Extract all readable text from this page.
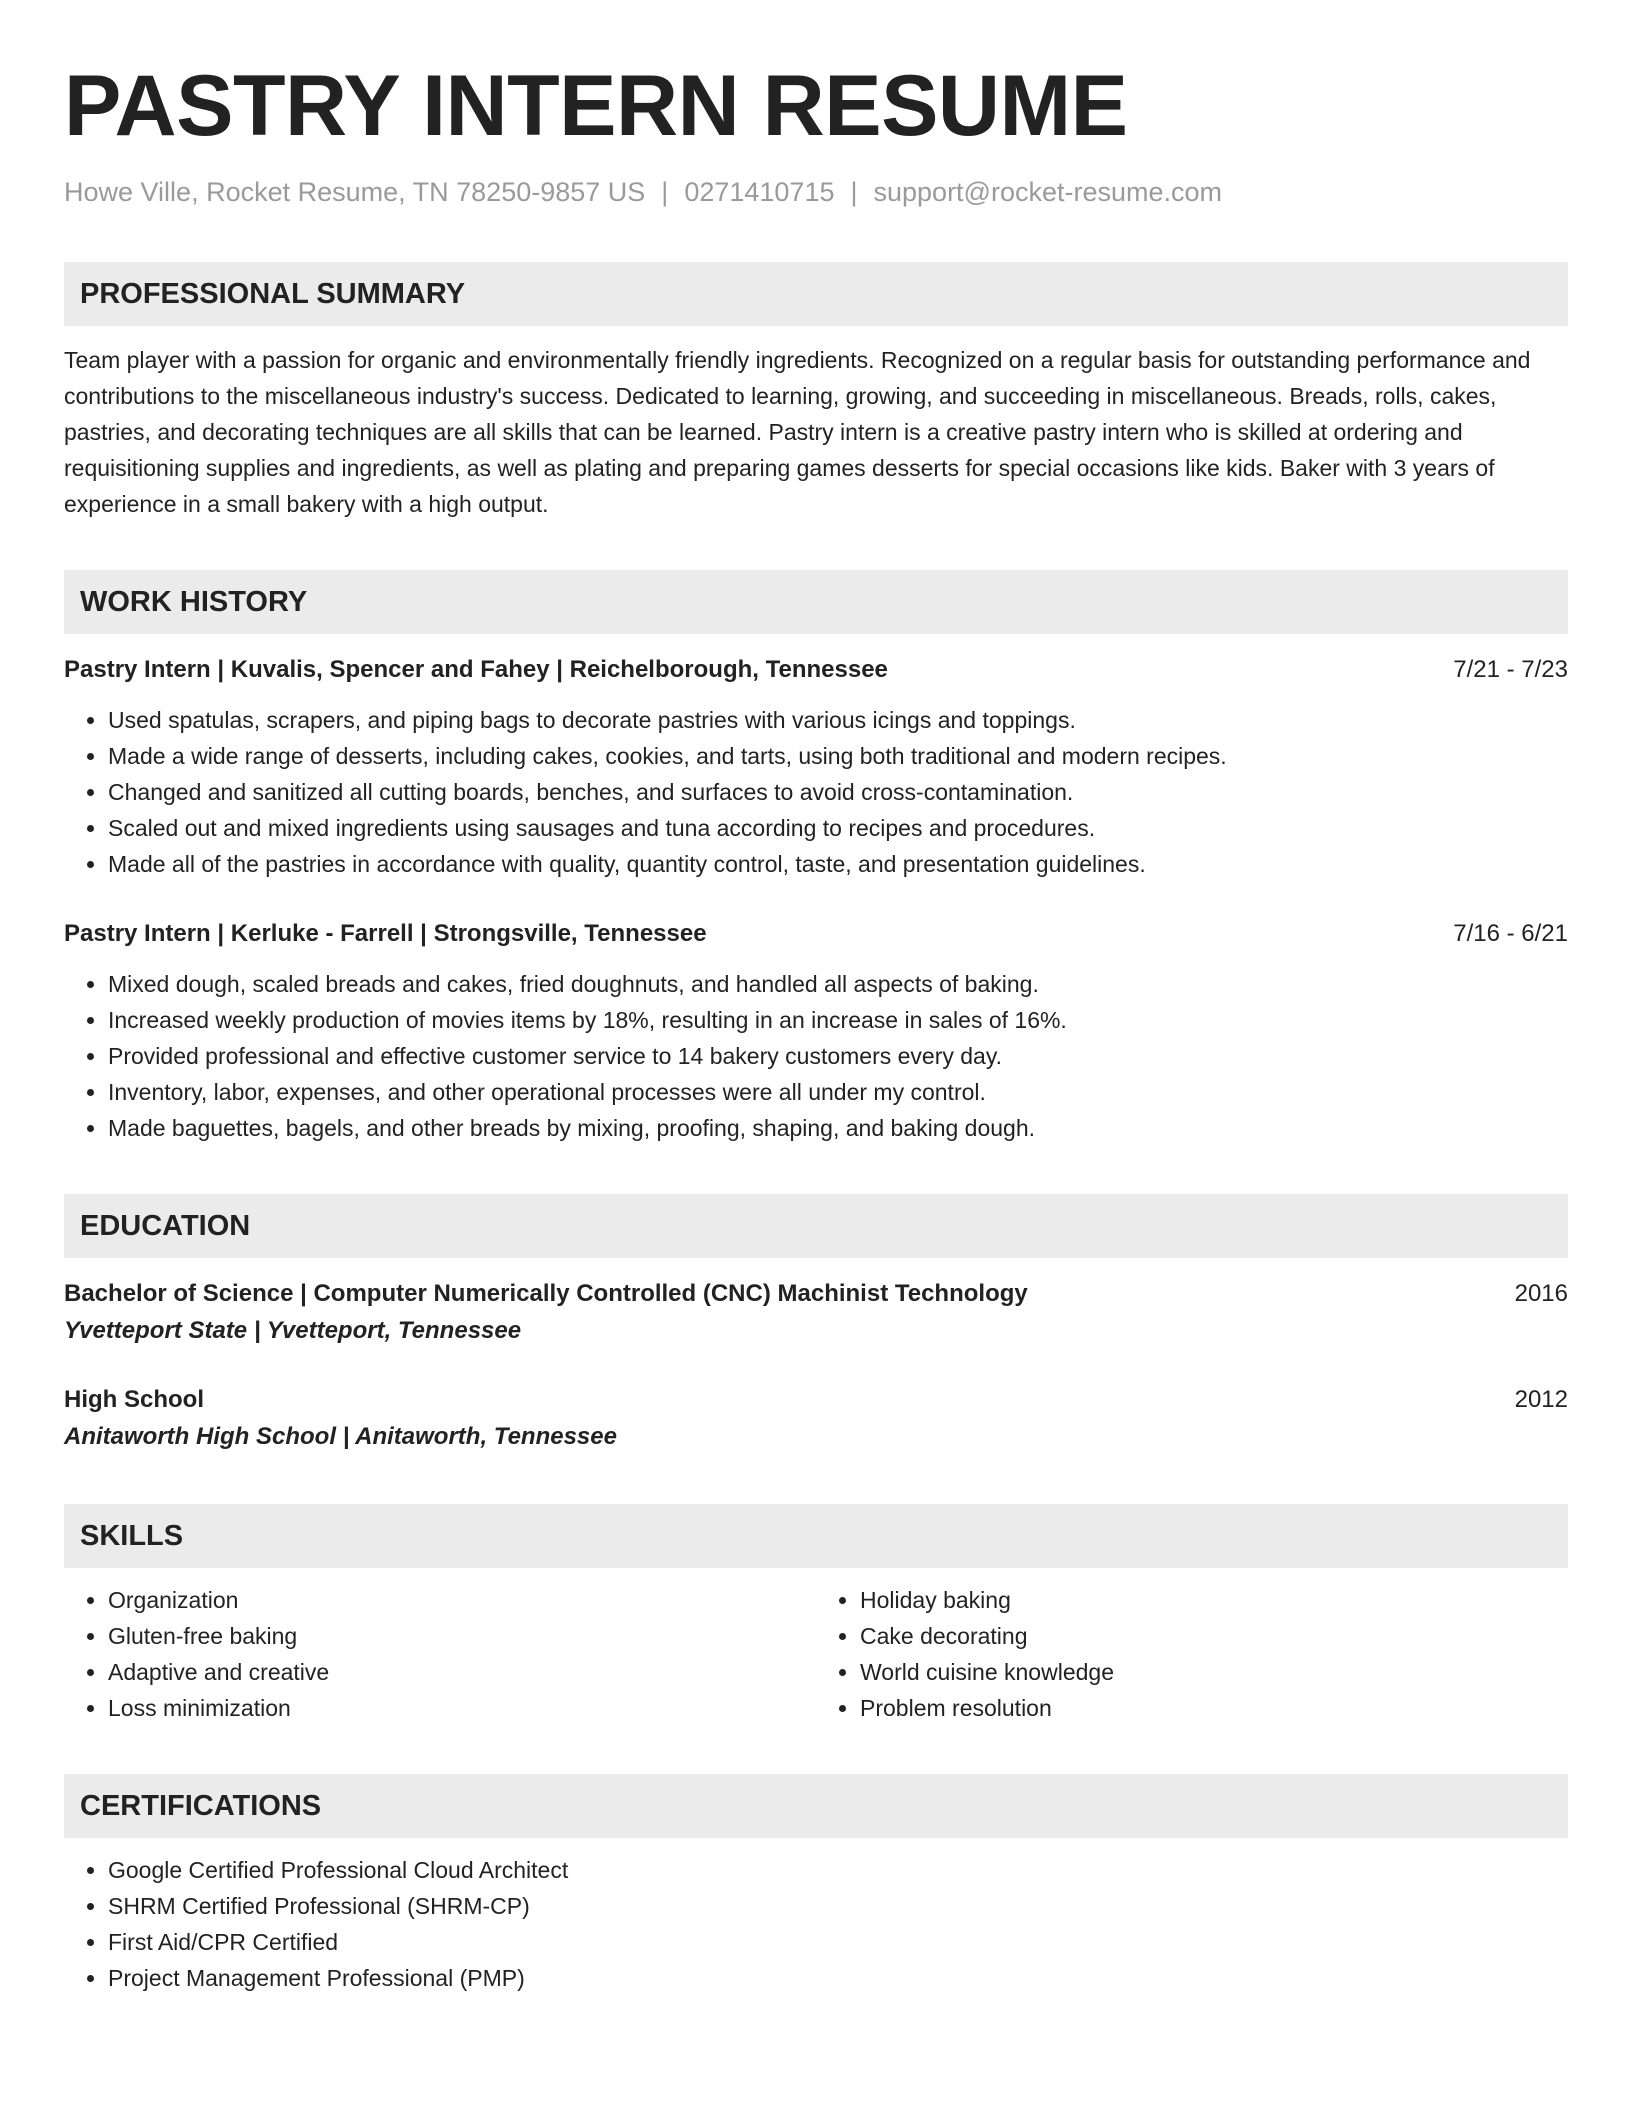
PASTRY INTERN RESUME
Howe Ville, Rocket Resume, TN 78250-9857 US | 0271410715 | support@rocket-resume.com
PROFESSIONAL SUMMARY
Team player with a passion for organic and environmentally friendly ingredients. Recognized on a regular basis for outstanding performance and contributions to the miscellaneous industry's success. Dedicated to learning, growing, and succeeding in miscellaneous. Breads, rolls, cakes, pastries, and decorating techniques are all skills that can be learned. Pastry intern is a creative pastry intern who is skilled at ordering and requisitioning supplies and ingredients, as well as plating and preparing games desserts for special occasions like kids. Baker with 3 years of experience in a small bakery with a high output.
WORK HISTORY
Pastry Intern | Kuvalis, Spencer and Fahey | Reichelborough, Tennessee	7/21 - 7/23
• Used spatulas, scrapers, and piping bags to decorate pastries with various icings and toppings.
• Made a wide range of desserts, including cakes, cookies, and tarts, using both traditional and modern recipes.
• Changed and sanitized all cutting boards, benches, and surfaces to avoid cross-contamination.
• Scaled out and mixed ingredients using sausages and tuna according to recipes and procedures.
• Made all of the pastries in accordance with quality, quantity control, taste, and presentation guidelines.
Pastry Intern | Kerluke - Farrell | Strongsville, Tennessee	7/16 - 6/21
• Mixed dough, scaled breads and cakes, fried doughnuts, and handled all aspects of baking.
• Increased weekly production of movies items by 18%, resulting in an increase in sales of 16%.
• Provided professional and effective customer service to 14 bakery customers every day.
• Inventory, labor, expenses, and other operational processes were all under my control.
• Made baguettes, bagels, and other breads by mixing, proofing, shaping, and baking dough.
EDUCATION
Bachelor of Science | Computer Numerically Controlled (CNC) Machinist Technology	2016
Yvetteport State | Yvetteport, Tennessee
High School	2012
Anitaworth High School | Anitaworth, Tennessee
SKILLS
• Organization
• Gluten-free baking
• Adaptive and creative
• Loss minimization
• Holiday baking
• Cake decorating
• World cuisine knowledge
• Problem resolution
CERTIFICATIONS
• Google Certified Professional Cloud Architect
• SHRM Certified Professional (SHRM-CP)
• First Aid/CPR Certified
• Project Management Professional (PMP)
